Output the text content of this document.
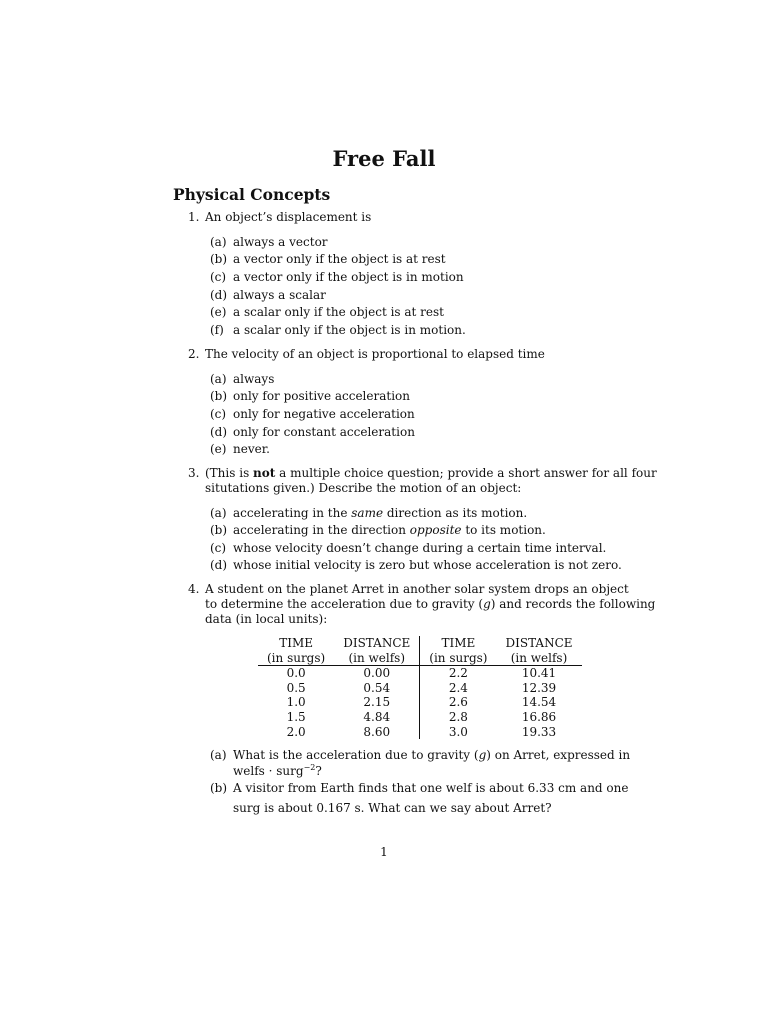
Free Fall
Physical Concepts
1. An object’s displacement is
(a) always a vector
(b) a vector only if the object is at rest
(c) a vector only if the object is in motion
(d) always a scalar
(e) a scalar only if the object is at rest
(f) a scalar only if the object is in motion.
2. The velocity of an object is proportional to elapsed time
(a) always
(b) only for positive acceleration
(c) only for negative acceleration
(d) only for constant acceleration
(e) never.
3. (This is not a multiple choice question; provide a short answer for all four
situtations given.) Describe the motion of an object:
(a) accelerating in the same direction as its motion.
(b) accelerating in the direction opposite to its motion.
(c) whose velocity doesn’t change during a certain time interval.
(d) whose initial velocity is zero but whose acceleration is not zero.
4. A student on the planet Arret in another solar system drops an object
to determine the acceleration due to gravity (g) and records the following
data (in local units):
TIME	DISTANCE	TIME	DISTANCE
(in surgs)	(in welfs)	(in surgs)	(in welfs)
0.0	0.00	2.2	10.41
0.5	0.54	2.4	12.39
1.0	2.15	2.6	14.54
1.5	4.84	2.8	16.86
2.0	8.60	3.0	19.33
(a) What is the acceleration due to gravity (g) on Arret, expressed in
welfs · surg$^{-2}$?
(b) A visitor from Earth finds that one welf is about 6.33 cm and one
surg is about 0.167 s. What can we say about Arret?
1
